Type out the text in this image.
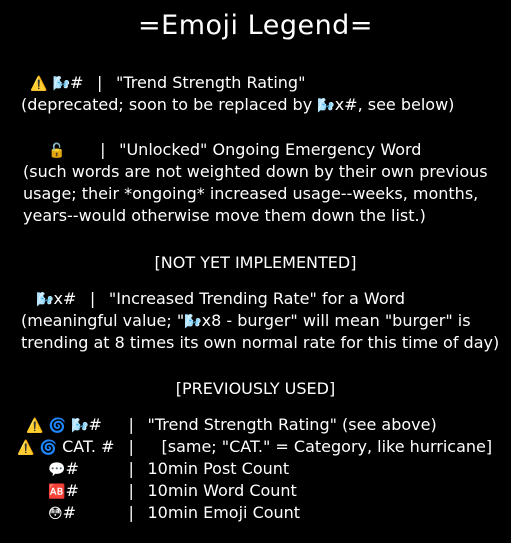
=Emoji Legend=
⚠️ 🌬️# | "Trend Strength Rating"
(deprecated; soon to be replaced by 🌬️x#, see below)
🔓 | "Unlocked" Ongoing Emergency Word
(such words are not weighted down by their own previous
usage; their *ongoing* increased usage--weeks, months,
years--would otherwise move them down the list.)
[NOT YET IMPLEMENTED]
🌬️x# | "Increased Trending Rate" for a Word
(meaningful value; "🌬️x8 - burger" will mean "burger" is
trending at 8 times its own normal rate for this time of day)
[PREVIOUSLY USED]
⚠️ 🌀 🌬️#	| "Trend Strength Rating" (see above)
⚠️ 🌀 CAT. # | [same; "CAT." = Category, like hurricane]
💬#	| 10min Post Count
🆎#	| 10min Word Count
😳#	| 10min Emoji Count
